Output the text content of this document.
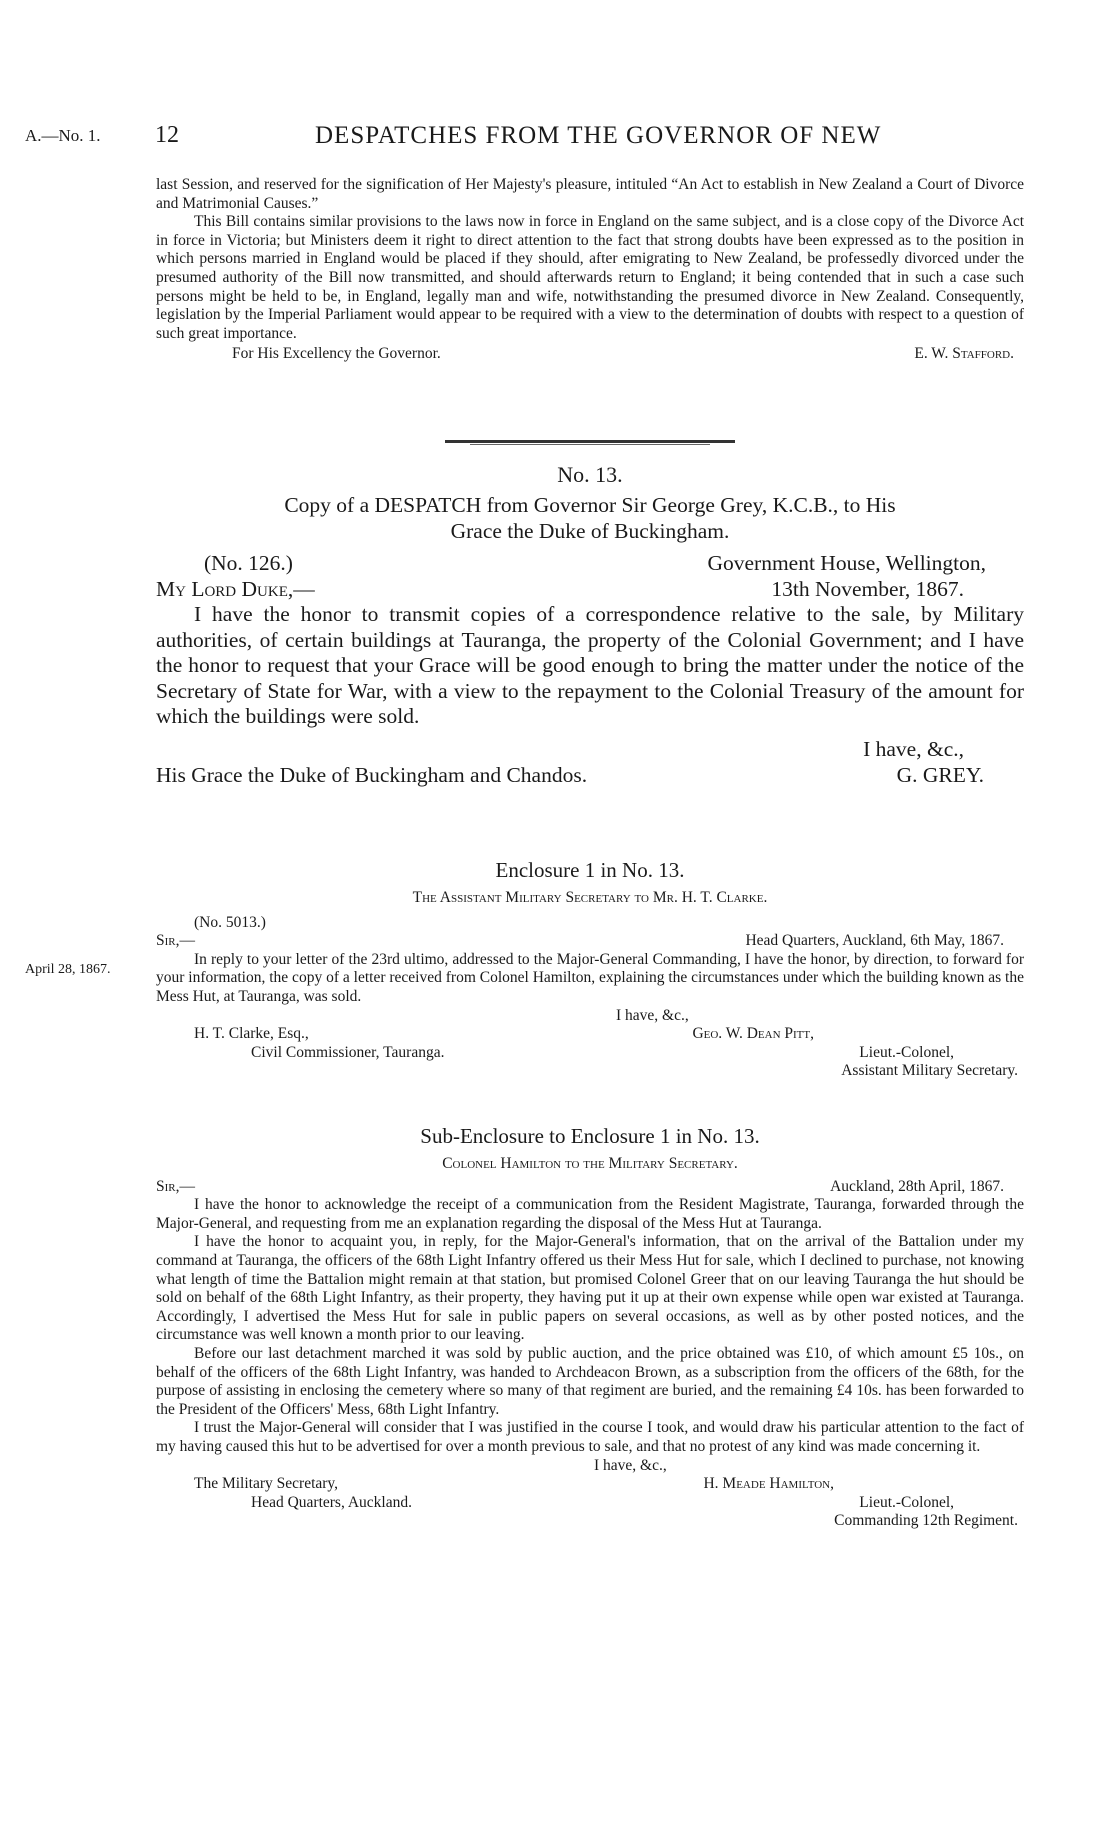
A.—No. 1. 12	DESPATCHES FROM THE GOVERNOR OF NEW

last Session, and reserved for the signification of Her Majesty's pleasure, intituled “An Act to establish in New Zealand a Court of Divorce and Matrimonial Causes.”

This Bill contains similar provisions to the laws now in force in England on the same subject, and is a close copy of the Divorce Act in force in Victoria; but Ministers deem it right to direct attention to the fact that strong doubts have been expressed as to the position in which persons married in England would be placed if they should, after emigrating to New Zealand, be professedly divorced under the presumed authority of the Bill now transmitted, and should afterwards return to England; it being contended that in such a case such persons might be held to be, in England, legally man and wife, notwithstanding the presumed divorce in New Zealand. Consequently, legislation by the Imperial Parliament would appear to be required with a view to the determination of doubts with respect to a question of such great importance.

For His Excellency the Governor.	E. W. Stafford.
No. 13.
Copy of a DESPATCH from Governor Sir George Grey, K.C.B., to His
Grace the Duke of Buckingham.
(No. 126.)	Government House, Wellington,
My Lord Duke,—	13th November, 1867.

I have the honor to transmit copies of a correspondence relative to the sale, by Military authorities, of certain buildings at Tauranga, the property of the Colonial Government; and I have the honor to request that your Grace will be good enough to bring the matter under the notice of the Secretary of State for War, with a view to the repayment to the Colonial Treasury of the amount for which the buildings were sold.

I have, &c.,
His Grace the Duke of Buckingham and Chandos.	G. GREY.
April 28, 1867.
Enclosure 1 in No. 13.
The Assistant Military Secretary to Mr. H. T. Clarke.
(No. 5013.)
Sir,—	Head Quarters, Auckland, 6th May, 1867.

In reply to your letter of the 23rd ultimo, addressed to the Major-General Commanding, I have the honor, by direction, to forward for your information, the copy of a letter received from Colonel Hamilton, explaining the circumstances under which the building known as the Mess Hut, at Tauranga, was sold.

I have, &c.,
H. T. Clarke, Esq.,	Geo. W. Dean Pitt,
Civil Commissioner, Tauranga.	Lieut.-Colonel,
Assistant Military Secretary.
Sub-Enclosure to Enclosure 1 in No. 13.
Colonel Hamilton to the Military Secretary.
Sir,—	Auckland, 28th April, 1867.

I have the honor to acknowledge the receipt of a communication from the Resident Magistrate, Tauranga, forwarded through the Major-General, and requesting from me an explanation regarding the disposal of the Mess Hut at Tauranga.

I have the honor to acquaint you, in reply, for the Major-General's information, that on the arrival of the Battalion under my command at Tauranga, the officers of the 68th Light Infantry offered us their Mess Hut for sale, which I declined to purchase, not knowing what length of time the Battalion might remain at that station, but promised Colonel Greer that on our leaving Tauranga the hut should be sold on behalf of the 68th Light Infantry, as their property, they having put it up at their own expense while open war existed at Tauranga. Accordingly, I advertised the Mess Hut for sale in public papers on several occasions, as well as by other posted notices, and the circumstance was well known a month prior to our leaving.

Before our last detachment marched it was sold by public auction, and the price obtained was £10, of which amount £5 10s., on behalf of the officers of the 68th Light Infantry, was handed to Archdeacon Brown, as a subscription from the officers of the 68th, for the purpose of assisting in enclosing the cemetery where so many of that regiment are buried, and the remaining £4 10s. has been forwarded to the President of the Officers' Mess, 68th Light Infantry.

I trust the Major-General will consider that I was justified in the course I took, and would draw his particular attention to the fact of my having caused this hut to be advertised for over a month previous to sale, and that no protest of any kind was made concerning it.

I have, &c.,
The Military Secretary,	H. Meade Hamilton,
Head Quarters, Auckland.	Lieut.-Colonel,
Commanding 12th Regiment.
